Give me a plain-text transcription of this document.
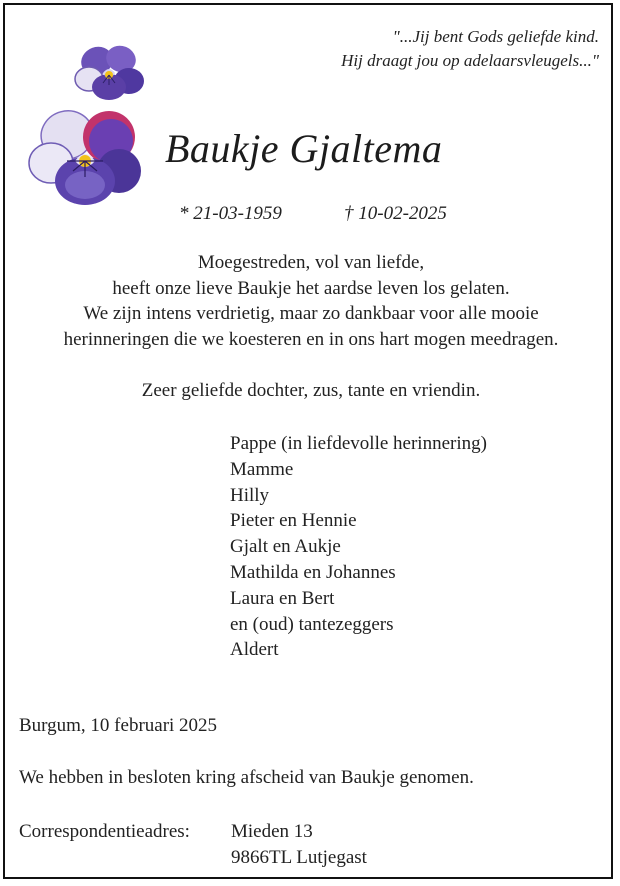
"...Jij bent Gods geliefde kind.
Hij draagt jou op adelaarsvleugels..."
Baukje Gjaltema
* 21-03-1959	† 10-02-2025
Moegestreden, vol van liefde,
heeft onze lieve Baukje het aardse leven los gelaten.
We zijn intens verdrietig, maar zo dankbaar voor alle mooie
herinneringen die we koesteren en in ons hart mogen meedragen.
Zeer geliefde dochter, zus, tante en vriendin.
Pappe (in liefdevolle herinnering)
Mamme
Hilly
Pieter en Hennie
Gjalt en Aukje
Mathilda en Johannes
Laura en Bert
en (oud) tantezeggers
Aldert
Burgum, 10 februari 2025
We hebben in besloten kring afscheid van Baukje genomen.
Correspondentieadres: Mieden 13
9866TL Lutjegast
